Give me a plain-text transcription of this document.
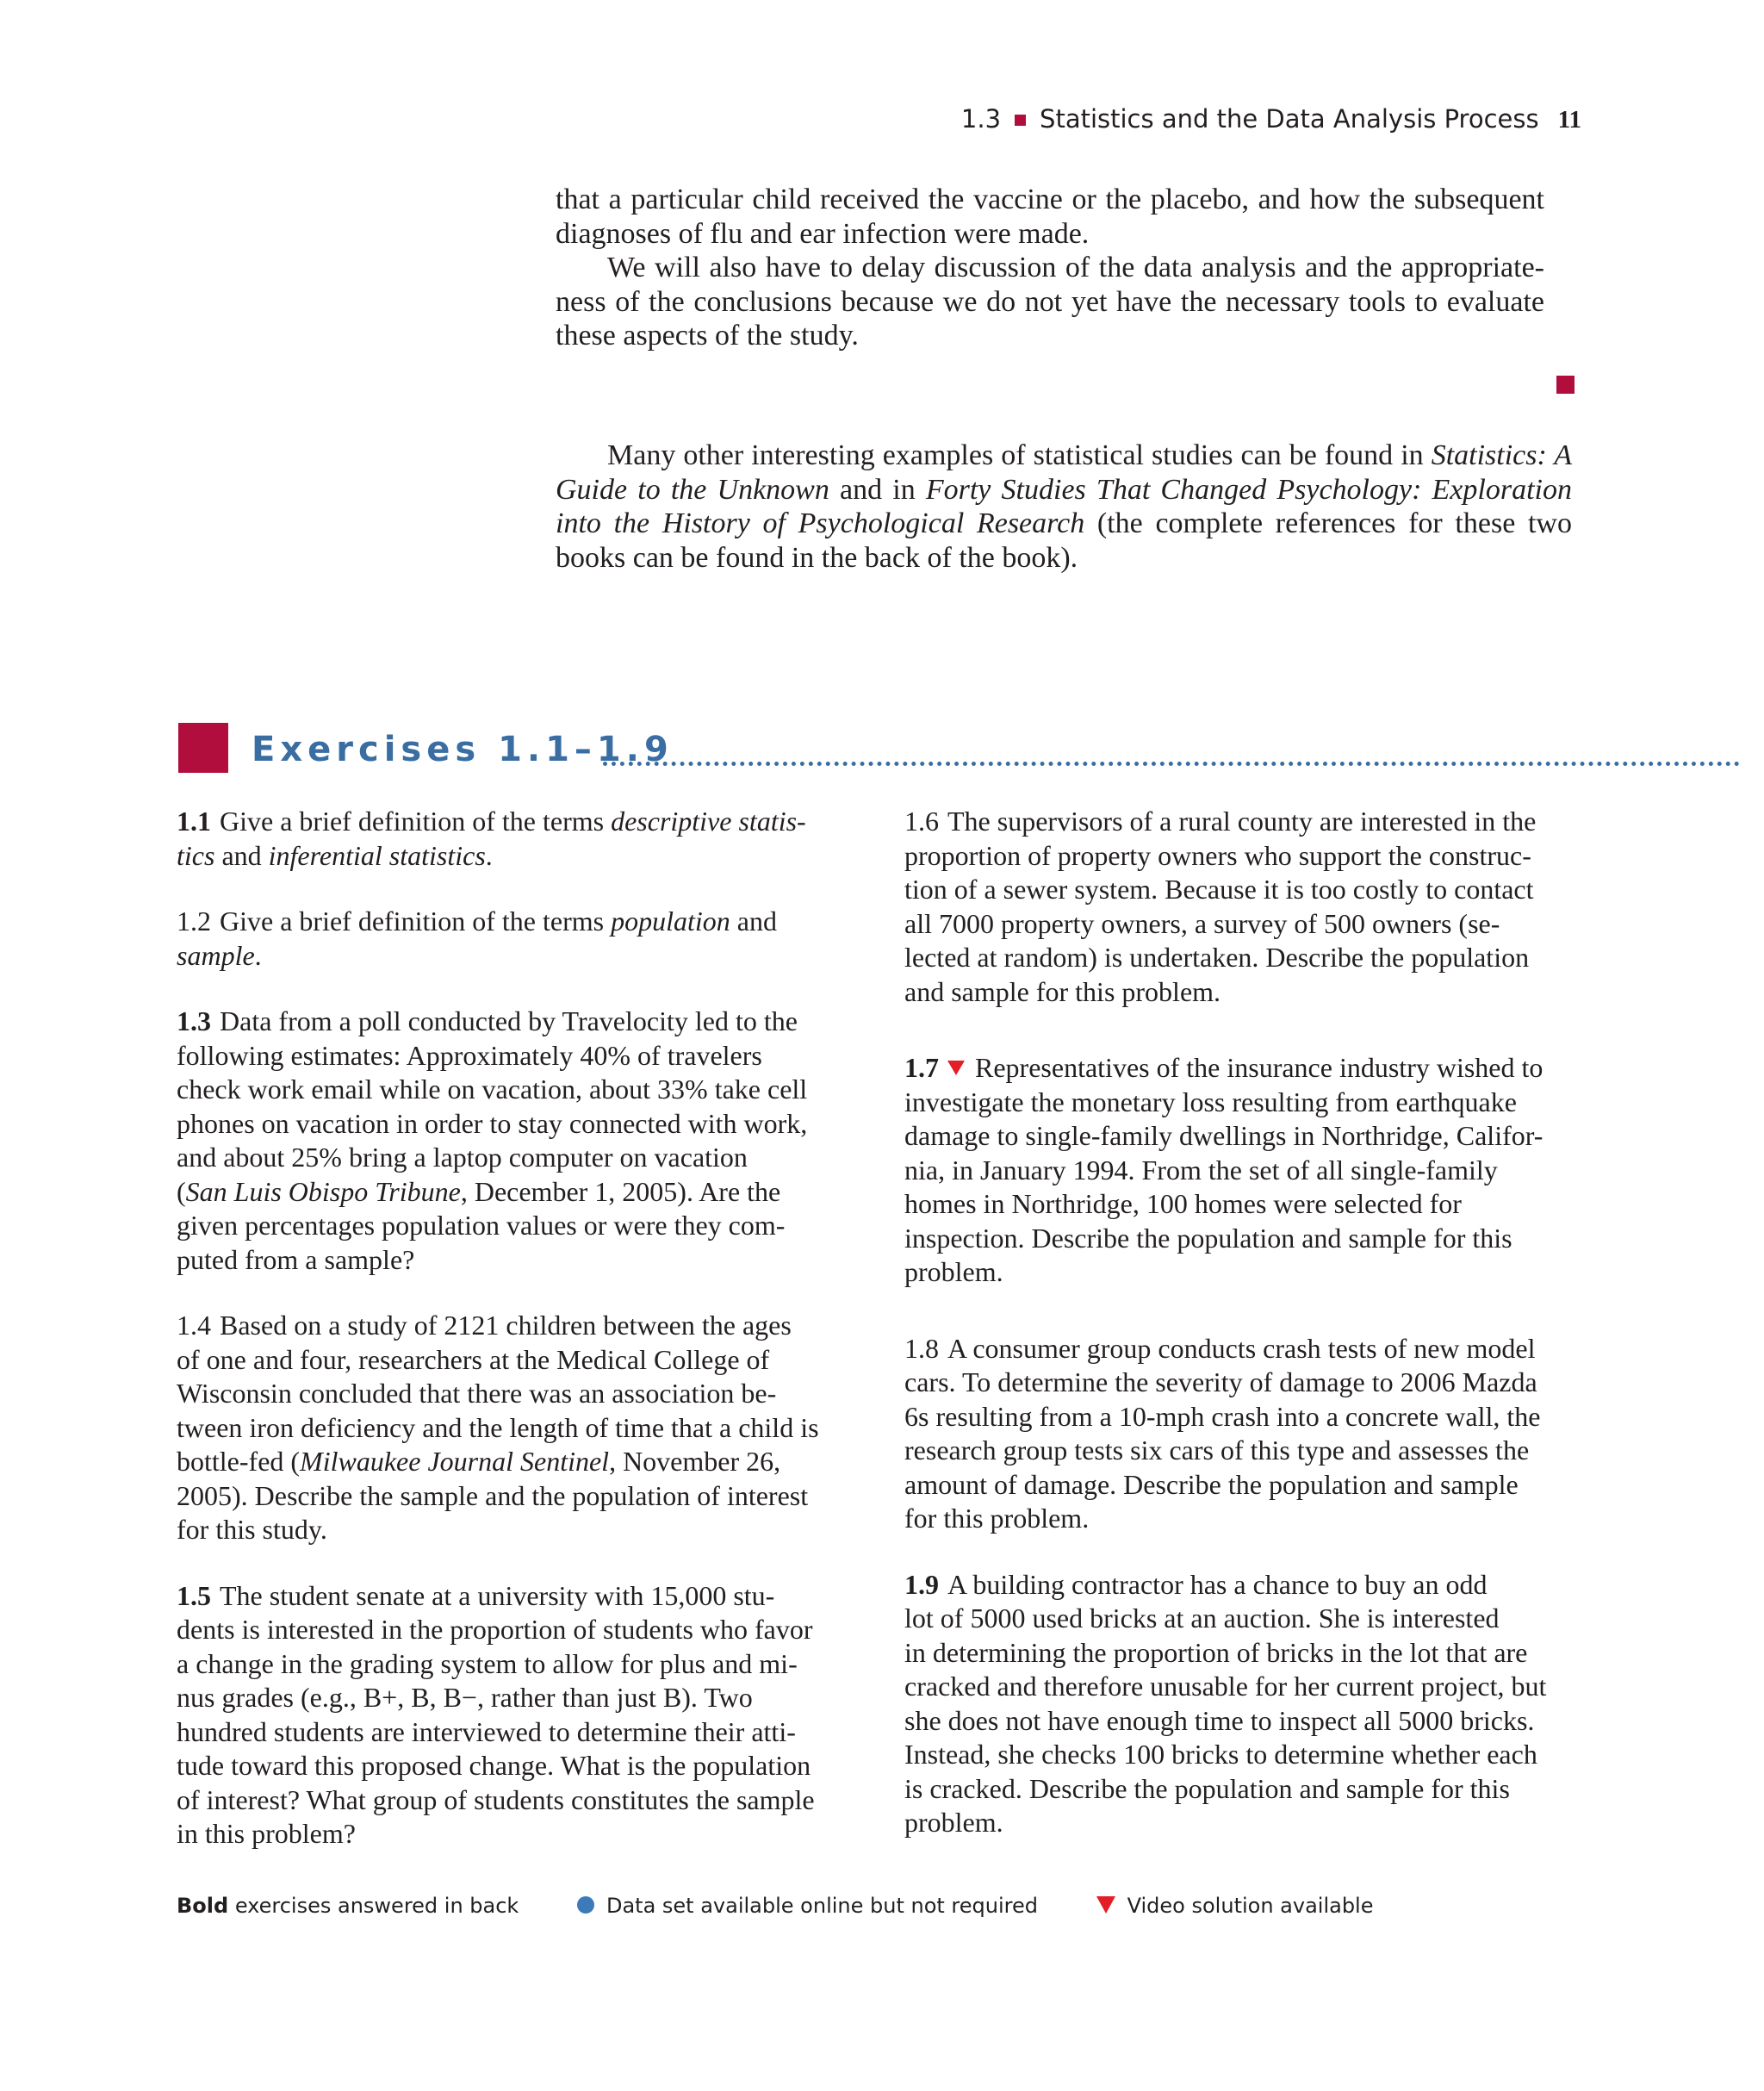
1.3 Statistics and the Data Analysis Process 11

that a particular child received the vaccine or the placebo, and how the subsequent diagnoses of flu and ear infection were made.

We will also have to delay discussion of the data analysis and the appropriate- ness of the conclusions because we do not yet have the necessary tools to evaluate these aspects of the study.

Many other interesting examples of statistical studies can be found in Statistics: A Guide to the Unknown and in Forty Studies That Changed Psychology: Exploration into the History of Psychological Research (the complete references for these two books can be found in the back of the book).

Exercises 1.1–1.9
1.1 Give a brief definition of the terms descriptive statis-
tics and inferential statistics.
1.2 Give a brief definition of the terms population and
sample.
1.3 Data from a poll conducted by Travelocity led to the
following estimates: Approximately 40% of travelers
check work email while on vacation, about 33% take cell
phones on vacation in order to stay connected with work,
and about 25% bring a laptop computer on vacation
(San Luis Obispo Tribune, December 1, 2005). Are the
given percentages population values or were they com-
puted from a sample?
1.4 Based on a study of 2121 children between the ages
of one and four, researchers at the Medical College of
Wisconsin concluded that there was an association be-
tween iron deficiency and the length of time that a child is
bottle-fed (Milwaukee Journal Sentinel, November 26,
2005). Describe the sample and the population of interest
for this study.
1.5 The student senate at a university with 15,000 stu-
dents is interested in the proportion of students who favor
a change in the grading system to allow for plus and mi-
nus grades (e.g., B+, B, B−, rather than just B). Two
hundred students are interviewed to determine their atti-
tude toward this proposed change. What is the population
of interest? What group of students constitutes the sample
in this problem?
1.6 The supervisors of a rural county are interested in the
proportion of property owners who support the construc-
tion of a sewer system. Because it is too costly to contact
all 7000 property owners, a survey of 500 owners (se-
lected at random) is undertaken. Describe the population
and sample for this problem.
1.7 Representatives of the insurance industry wished to
investigate the monetary loss resulting from earthquake
damage to single-family dwellings in Northridge, Califor-
nia, in January 1994. From the set of all single-family
homes in Northridge, 100 homes were selected for
inspection. Describe the population and sample for this
problem.
1.8 A consumer group conducts crash tests of new model
cars. To determine the severity of damage to 2006 Mazda
6s resulting from a 10-mph crash into a concrete wall, the
research group tests six cars of this type and assesses the
amount of damage. Describe the population and sample
for this problem.
1.9 A building contractor has a chance to buy an odd
lot of 5000 used bricks at an auction. She is interested
in determining the proportion of bricks in the lot that are
cracked and therefore unusable for her current project, but
she does not have enough time to inspect all 5000 bricks.
Instead, she checks 100 bricks to determine whether each
is cracked. Describe the population and sample for this
problem.
Bold exercises answered in back	Data set available online but not required	Video solution available
